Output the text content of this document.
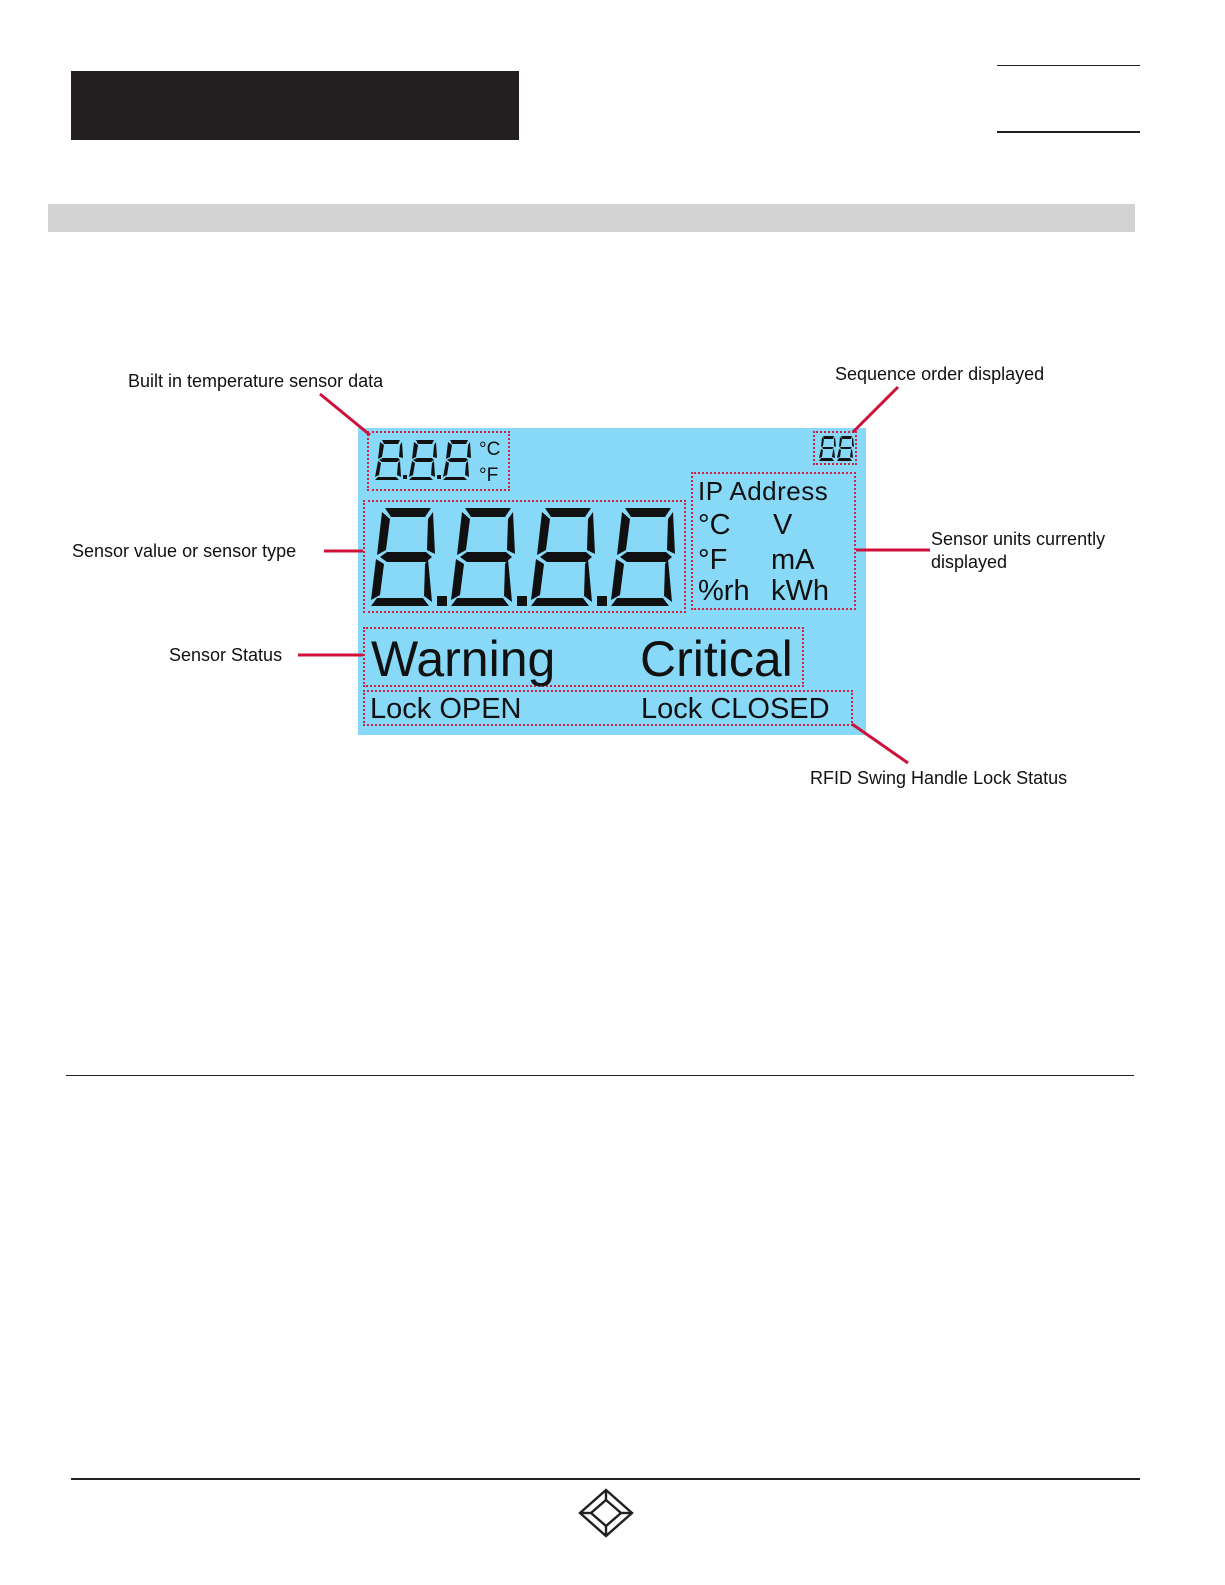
°C
°F
IP Address
°C V
°F mA
%rh kWh
Warning Critical
Lock OPEN	Lock CLOSED
Built in temperature sensor data	Sequence order displayed
Sensor value or sensor type
Sensor units currently displayed
Sensor Status
RFID Swing Handle Lock Status
